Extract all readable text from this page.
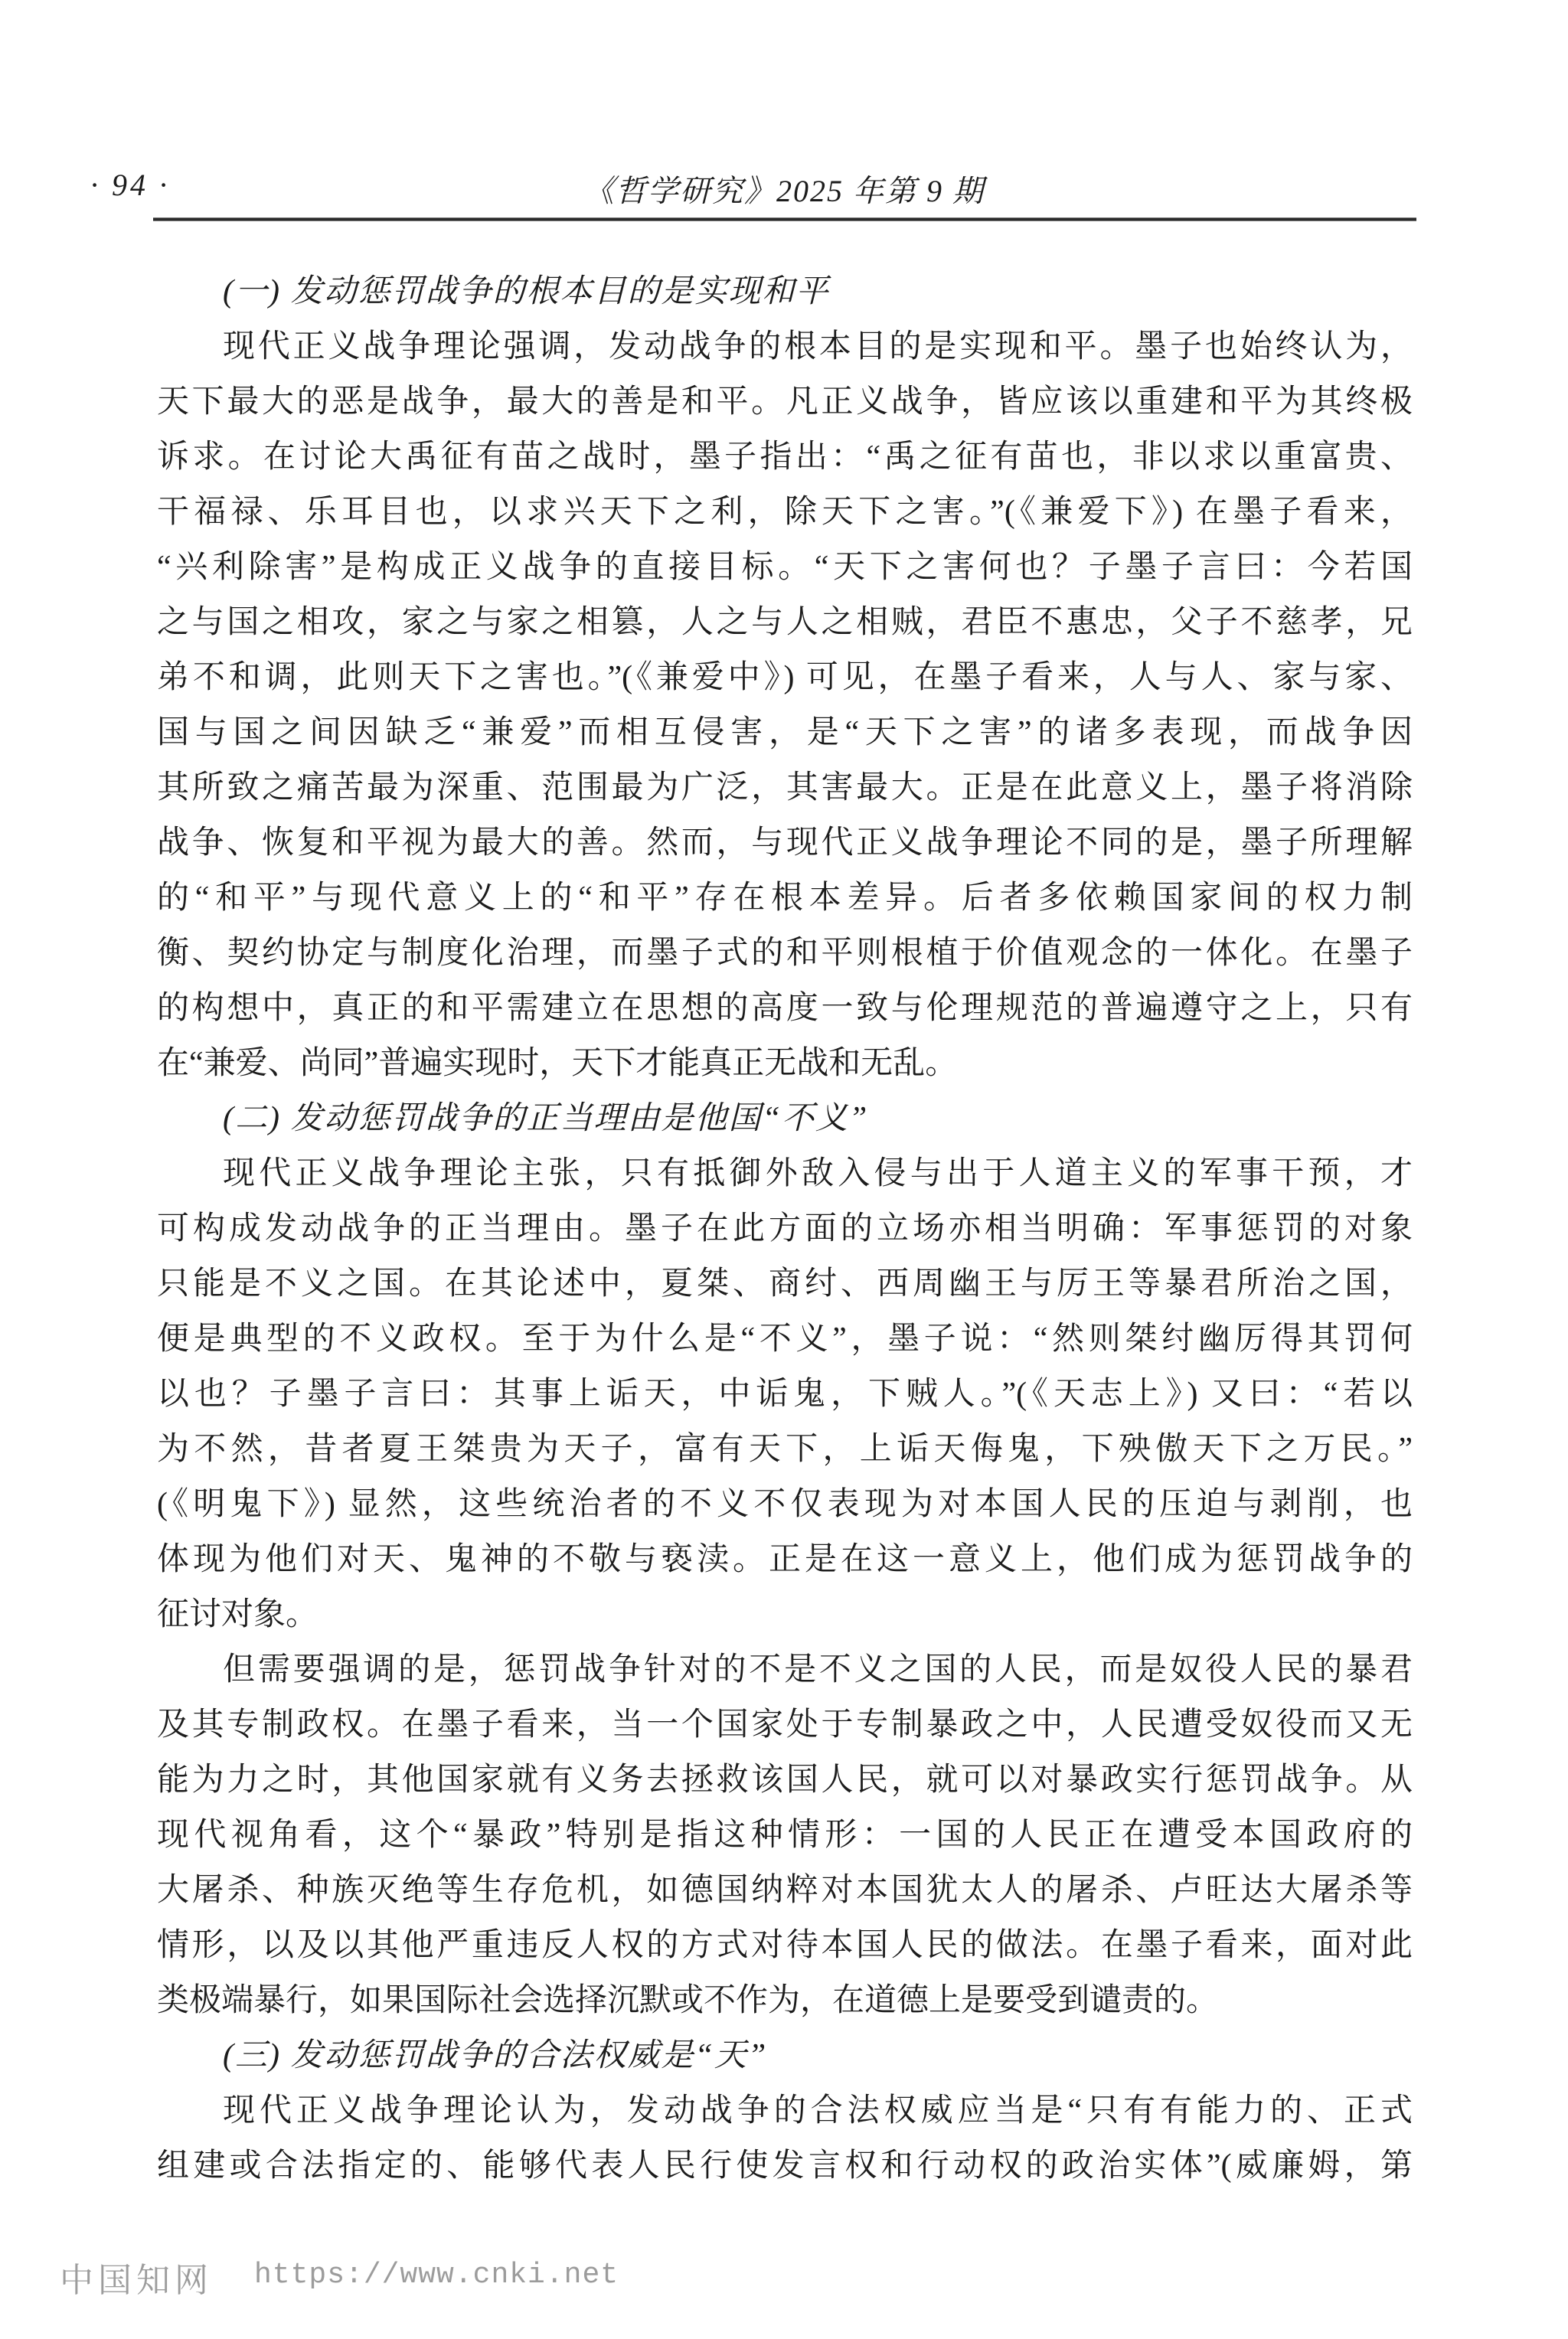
· 94 ·	《哲学研究》2025 年第 9 期
(一) 发动惩罚战争的根本目的是实现和平
现代正义战争理论强调，发动战争的根本目的是实现和平。墨子也始终认为，
天下最大的恶是战争，最大的善是和平。凡正义战争，皆应该以重建和平为其终极
诉求。在讨论大禹征有苗之战时，墨子指出：“禹之征有苗也，非以求以重富贵、
干福禄、乐耳目也，以求兴天下之利，除天下之害。”(《兼爱下》) 在墨子看来，
“兴利除害”是构成正义战争的直接目标。“天下之害何也？子墨子言曰：今若国
之与国之相攻，家之与家之相篡，人之与人之相贼，君臣不惠忠，父子不慈孝，兄
弟不和调，此则天下之害也。”(《兼爱中》) 可见，在墨子看来，人与人、家与家、
国与国之间因缺乏“兼爱”而相互侵害，是“天下之害”的诸多表现，而战争因
其所致之痛苦最为深重、范围最为广泛，其害最大。正是在此意义上，墨子将消除
战争、恢复和平视为最大的善。然而，与现代正义战争理论不同的是，墨子所理解
的“和平”与现代意义上的“和平”存在根本差异。后者多依赖国家间的权力制
衡、契约协定与制度化治理，而墨子式的和平则根植于价值观念的一体化。在墨子
的构想中，真正的和平需建立在思想的高度一致与伦理规范的普遍遵守之上，只有
在“兼爱、尚同”普遍实现时，天下才能真正无战和无乱。
(二) 发动惩罚战争的正当理由是他国“不义”
现代正义战争理论主张，只有抵御外敌入侵与出于人道主义的军事干预，才
可构成发动战争的正当理由。墨子在此方面的立场亦相当明确：军事惩罚的对象
只能是不义之国。在其论述中，夏桀、商纣、西周幽王与厉王等暴君所治之国，
便是典型的不义政权。至于为什么是“不义”，墨子说：“然则桀纣幽厉得其罚何
以也？子墨子言曰：其事上诟天，中诟鬼，下贼人。”(《天志上》) 又曰：“若以
为不然，昔者夏王桀贵为天子，富有天下，上诟天侮鬼，下殃傲天下之万民。”
(《明鬼下》) 显然，这些统治者的不义不仅表现为对本国人民的压迫与剥削，也
体现为他们对天、鬼神的不敬与亵渎。正是在这一意义上，他们成为惩罚战争的
征讨对象。
但需要强调的是，惩罚战争针对的不是不义之国的人民，而是奴役人民的暴君
及其专制政权。在墨子看来，当一个国家处于专制暴政之中，人民遭受奴役而又无
能为力之时，其他国家就有义务去拯救该国人民，就可以对暴政实行惩罚战争。从
现代视角看，这个“暴政”特别是指这种情形：一国的人民正在遭受本国政府的
大屠杀、种族灭绝等生存危机，如德国纳粹对本国犹太人的屠杀、卢旺达大屠杀等
情形，以及以其他严重违反人权的方式对待本国人民的做法。在墨子看来，面对此
类极端暴行，如果国际社会选择沉默或不作为，在道德上是要受到谴责的。
(三) 发动惩罚战争的合法权威是“天”
现代正义战争理论认为，发动战争的合法权威应当是“只有有能力的、正式
组建或合法指定的、能够代表人民行使发言权和行动权的政治实体”(威廉姆，第
中国知网 https://www.cnki.net
